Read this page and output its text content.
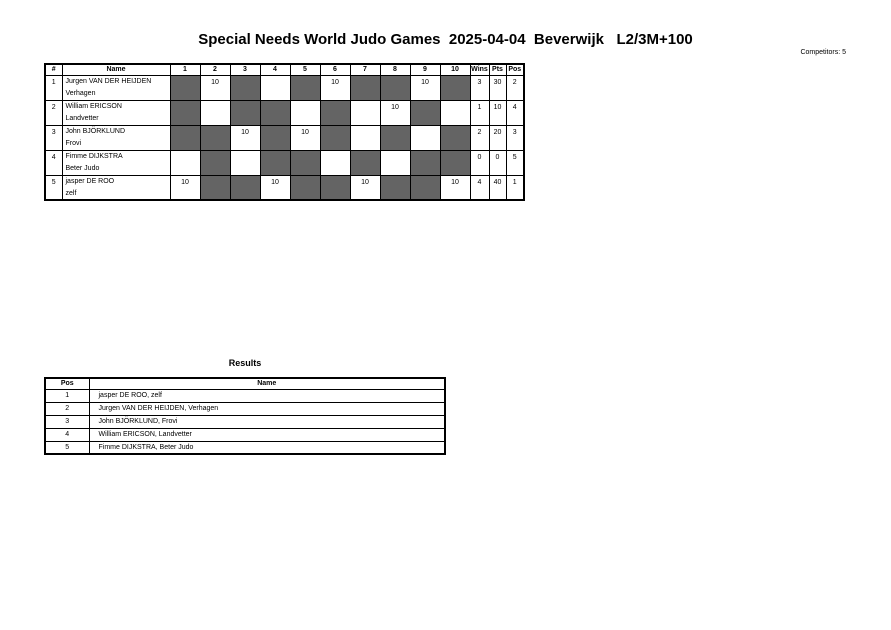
Special Needs World Judo Games  2025-04-04  Beverwijk   L2/3M+100
Competitors: 5
#	Name	1	2	3	4	5	6	7	8	9	10	Wins	Pts	Pos
1	Jurgen VAN DER HEIJDEN		10				10			10		3	30	2
	Verhagen													
2	William ERICSON								10			1	10	4
	Landvetter													
3	John BJÖRKLUND			10		10						2	20	3
	Frovi													
4	Fimme DIJKSTRA											0	0	5
	Beter Judo													
5	jasper DE ROO	10			10			10			10	4	40	1
	zelf													
Results
Pos	Name
1	jasper DE ROO, zelf
2	Jurgen VAN DER HEIJDEN, Verhagen
3	John BJÖRKLUND, Frovi
4	William ERICSON, Landvetter
5	Fimme DIJKSTRA, Beter Judo
